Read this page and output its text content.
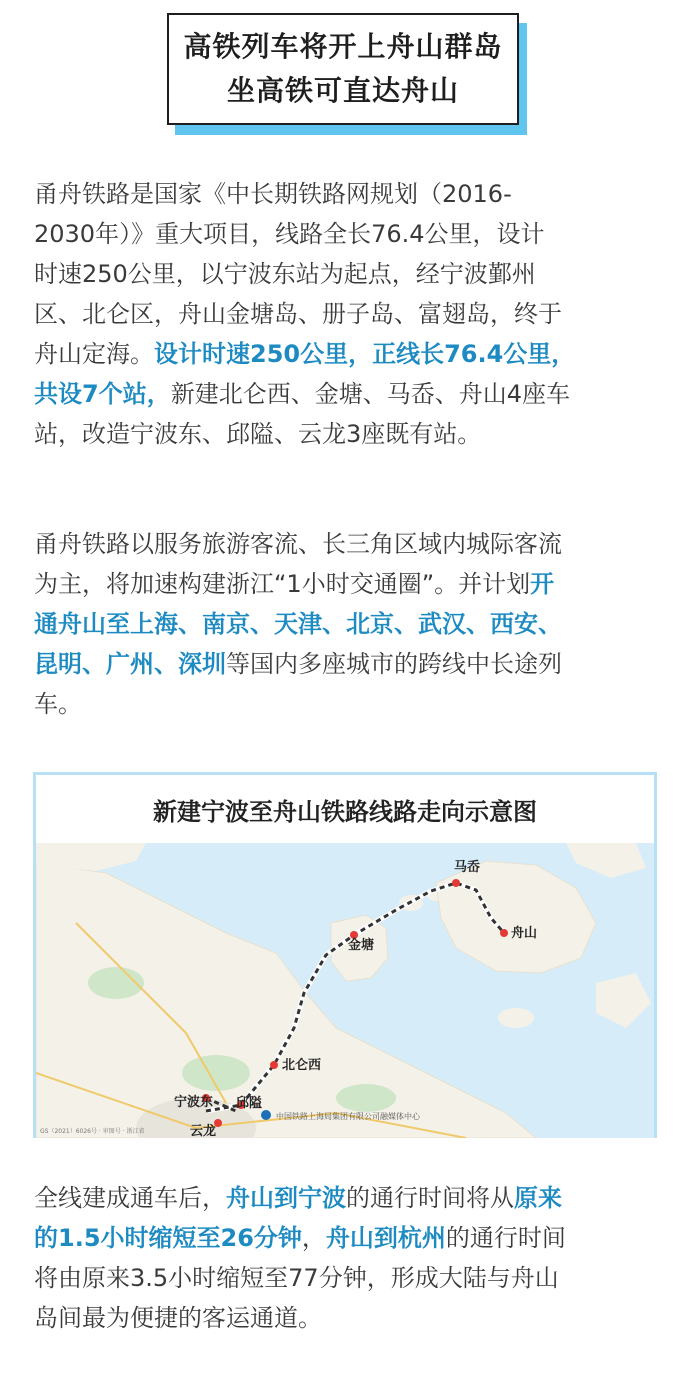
高铁列车将开上舟山群岛
坐高铁可直达舟山
甬舟铁路是国家《中长期铁路网规划（2016-
2030年）》重大项目，线路全长76.4公里，设计
时速250公里，以宁波东站为起点，经宁波鄞州
区、北仑区，舟山金塘岛、册子岛、富翅岛，终于
舟山定海。设计时速250公里，正线长76.4公里，
共设7个站，新建北仑西、金塘、马岙、舟山4座车
站，改造宁波东、邱隘、云龙3座既有站。
甬舟铁路以服务旅游客流、长三角区域内城际客流
为主，将加速构建浙江“1小时交通圈”。并计划开
通舟山至上海、南京、天津、北京、武汉、西安、
昆明、广州、深圳等国内多座城市的跨线中长途列
车。
新建宁波至舟山铁路线路走向示意图
马岙
舟山
金塘
北仑西
宁波东 邱隘
云龙
中国铁路上海局集团有限公司融媒体中心
GS（2021）6026号 · 审图号 · 浙江省
全线建成通车后，舟山到宁波的通行时间将从原来
的1.5小时缩短至26分钟，舟山到杭州的通行时间
将由原来3.5小时缩短至77分钟，形成大陆与舟山
岛间最为便捷的客运通道。
